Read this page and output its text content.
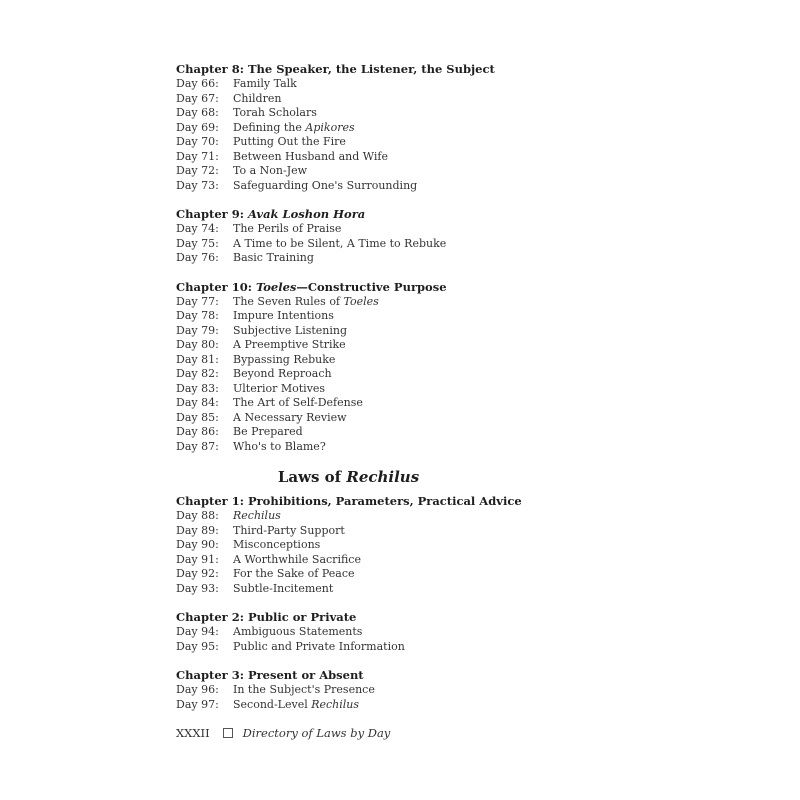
Chapter 8: The Speaker, the Listener, the Subject
Day 66:	Family Talk
Day 67:	Children
Day 68:	Torah Scholars
Day 69:	Defining the Apikores
Day 70:	Putting Out the Fire
Day 71:	Between Husband and Wife
Day 72:	To a Non-Jew
Day 73:	Safeguarding One's Surrounding
Chapter 9: Avak Loshon Hora
Day 74:	The Perils of Praise
Day 75:	A Time to be Silent, A Time to Rebuke
Day 76:	Basic Training
Chapter 10: Toeles—Constructive Purpose
Day 77:	The Seven Rules of Toeles
Day 78:	Impure Intentions
Day 79:	Subjective Listening
Day 80:	A Preemptive Strike
Day 81:	Bypassing Rebuke
Day 82:	Beyond Reproach
Day 83:	Ulterior Motives
Day 84:	The Art of Self-Defense
Day 85:	A Necessary Review
Day 86:	Be Prepared
Day 87:	Who's to Blame?
Laws of Rechilus
Chapter 1: Prohibitions, Parameters, Practical Advice
Day 88:	Rechilus
Day 89:	Third-Party Support
Day 90:	Misconceptions
Day 91:	A Worthwhile Sacrifice
Day 92:	For the Sake of Peace
Day 93:	Subtle-Incitement
Chapter 2: Public or Private
Day 94:	Ambiguous Statements
Day 95:	Public and Private Information
Chapter 3: Present or Absent
Day 96:	In the Subject's Presence
Day 97:	Second-Level Rechilus
XXXII	Directory of Laws by Day
